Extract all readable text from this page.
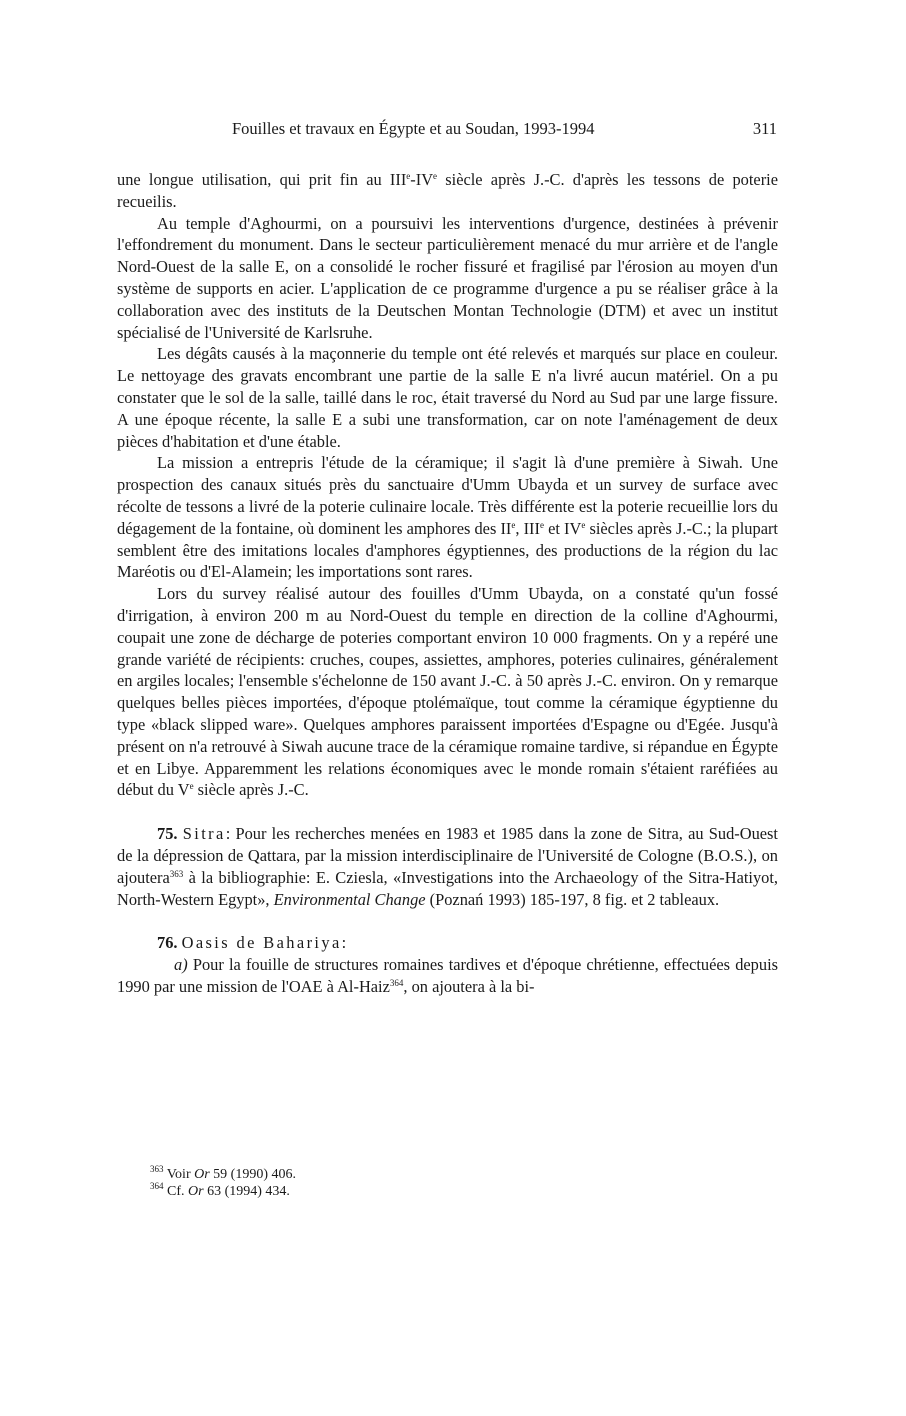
Fouilles et travaux en Égypte et au Soudan, 1993-1994	311

une longue utilisation, qui prit fin au IIIe-IVe siècle après J.-C. d'après les tessons de poterie recueilis.

Au temple d'Aghourmi, on a poursuivi les interventions d'urgence, destinées à prévenir l'effondrement du monument. Dans le secteur particulièrement menacé du mur arrière et de l'angle Nord-Ouest de la salle E, on a consolidé le rocher fissuré et fragilisé par l'érosion au moyen d'un système de supports en acier. L'application de ce programme d'urgence a pu se réaliser grâce à la collaboration avec des instituts de la Deutschen Montan Technologie (DTM) et avec un institut spécialisé de l'Université de Karlsruhe.

Les dégâts causés à la maçonnerie du temple ont été relevés et marqués sur place en couleur. Le nettoyage des gravats encombrant une partie de la salle E n'a livré aucun matériel. On a pu constater que le sol de la salle, taillé dans le roc, était traversé du Nord au Sud par une large fissure. A une époque récente, la salle E a subi une transformation, car on note l'aménagement de deux pièces d'habitation et d'une étable.

La mission a entrepris l'étude de la céramique; il s'agit là d'une première à Siwah. Une prospection des canaux situés près du sanctuaire d'Umm Ubayda et un survey de surface avec récolte de tessons a livré de la poterie culinaire locale. Très différente est la poterie recueillie lors du dégagement de la fontaine, où dominent les amphores des IIe, IIIe et IVe siècles après J.-C.; la plupart semblent être des imitations locales d'amphores égyptiennes, des productions de la région du lac Maréotis ou d'El-Alamein; les importations sont rares.

Lors du survey réalisé autour des fouilles d'Umm Ubayda, on a constaté qu'un fossé d'irrigation, à environ 200 m au Nord-Ouest du temple en direction de la colline d'Aghourmi, coupait une zone de décharge de poteries comportant environ 10 000 fragments. On y a repéré une grande variété de récipients: cruches, coupes, assiettes, amphores, poteries culinaires, généralement en argiles locales; l'ensemble s'échelonne de 150 avant J.-C. à 50 après J.-C. environ. On y remarque quelques belles pièces importées, d'époque ptolémaïque, tout comme la céramique égyptienne du type «black slipped ware». Quelques amphores paraissent importées d'Espagne ou d'Egée. Jusqu'à présent on n'a retrouvé à Siwah aucune trace de la céramique romaine tardive, si répandue en Égypte et en Libye. Apparemment les relations économiques avec le monde romain s'étaient raréfiées au début du Ve siècle après J.-C.

75. Sitra: Pour les recherches menées en 1983 et 1985 dans la zone de Sitra, au Sud-Ouest de la dépression de Qattara, par la mission interdisciplinaire de l'Université de Cologne (B.O.S.), on ajoutera$^{363}$ à la bibliographie: E. Cziesla, «Investigations into the Archaeology of the Sitra-Hatiyot, North-Western Egypt», Environmental Change (Poznań 1993) 185-197, 8 fig. et 2 tableaux.

76. Oasis de Bahariya:

a) Pour la fouille de structures romaines tardives et d'époque chrétienne, effectuées depuis 1990 par une mission de l'OAE à Al-Haiz$^{364}$, on ajoutera à la bi-

$^{363}$ Voir Or 59 (1990) 406.
$^{364}$ Cf. Or 63 (1994) 434.
